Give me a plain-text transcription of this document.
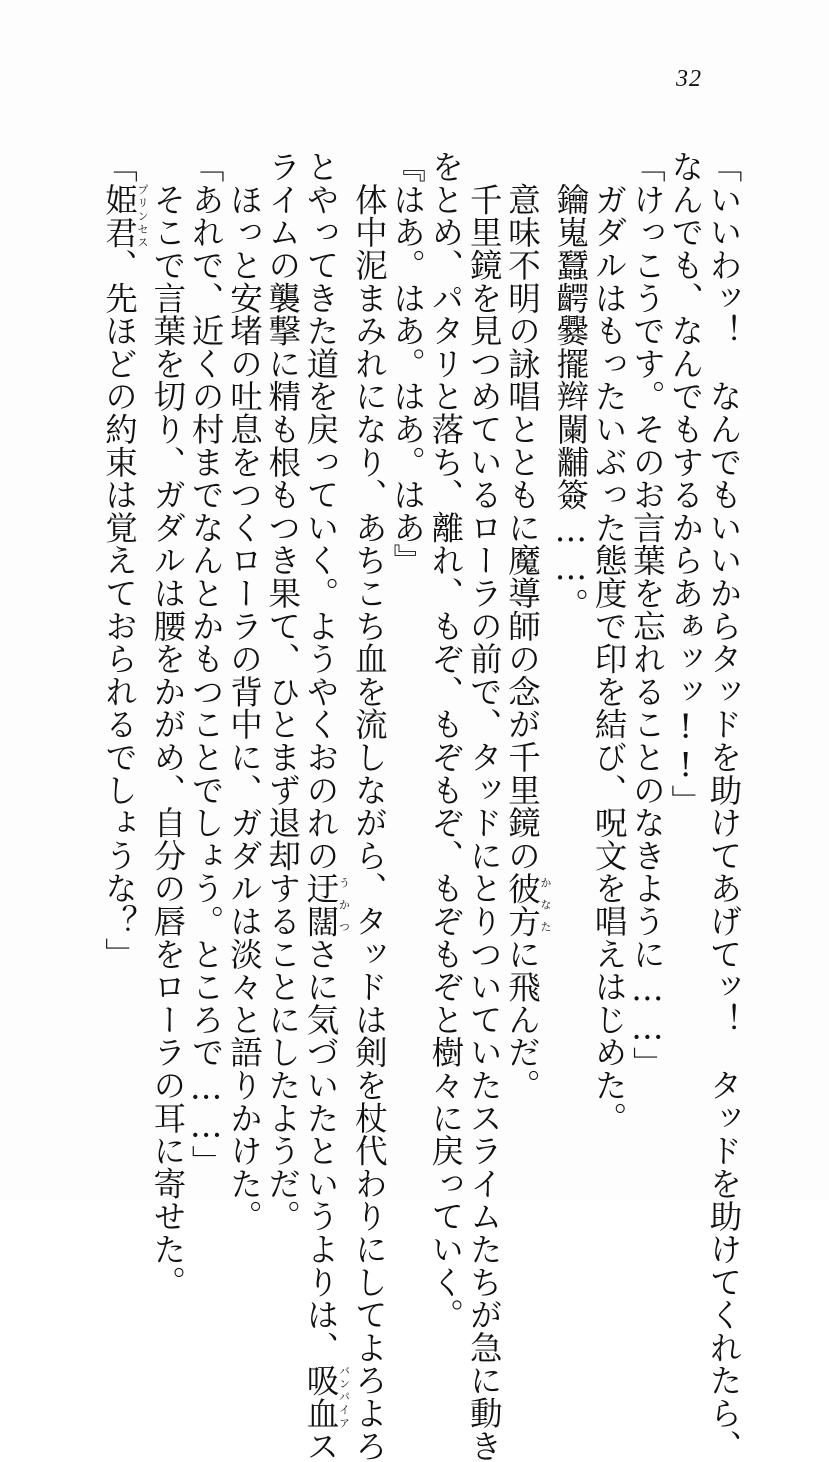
32
「いいわッ！　なんでもいいからタッドを助けてあげてッ！　タッドを助けてくれたら、
なんでも、なんでもするからあぁッッ!!」
「けっこうです。そのお言葉を忘れることのなきように……」
　ガダルはもったいぶった態度で印を結び、呪文を唱えはじめた。
　鑰嵬蠶齶爨擺辫闌黼簽……。
　意味不明の詠唱とともに魔導師の念が千里鏡の彼方かなたに飛んだ。
　千里鏡を見つめているローラの前で、タッドにとりついていたスライムたちが急に動き
をとめ、パタリと落ち、離れ、もぞ、もぞもぞ、もぞもぞと樹々に戻っていく。
『はあ。はあ。はあ。はあ』
　体中泥まみれになり、あちこち血を流しながら、タッドは剣を杖代わりにしてよろよろ
とやってきた道を戻っていく。ようやくおのれの迂闊うかつさに気づいたというよりは、吸血バンパイアス
ライムの襲撃に精も根もつき果て、ひとまず退却することにしたようだ。
　ほっと安堵の吐息をつくローラの背中に、ガダルは淡々と語りかけた。
「あれで、近くの村までなんとかもつことでしょう。ところで……」
　そこで言葉を切り、ガダルは腰をかがめ、自分の唇をローラの耳に寄せた。
「姫君プリンセス、先ほどの約束は覚えておられるでしょうな？」
